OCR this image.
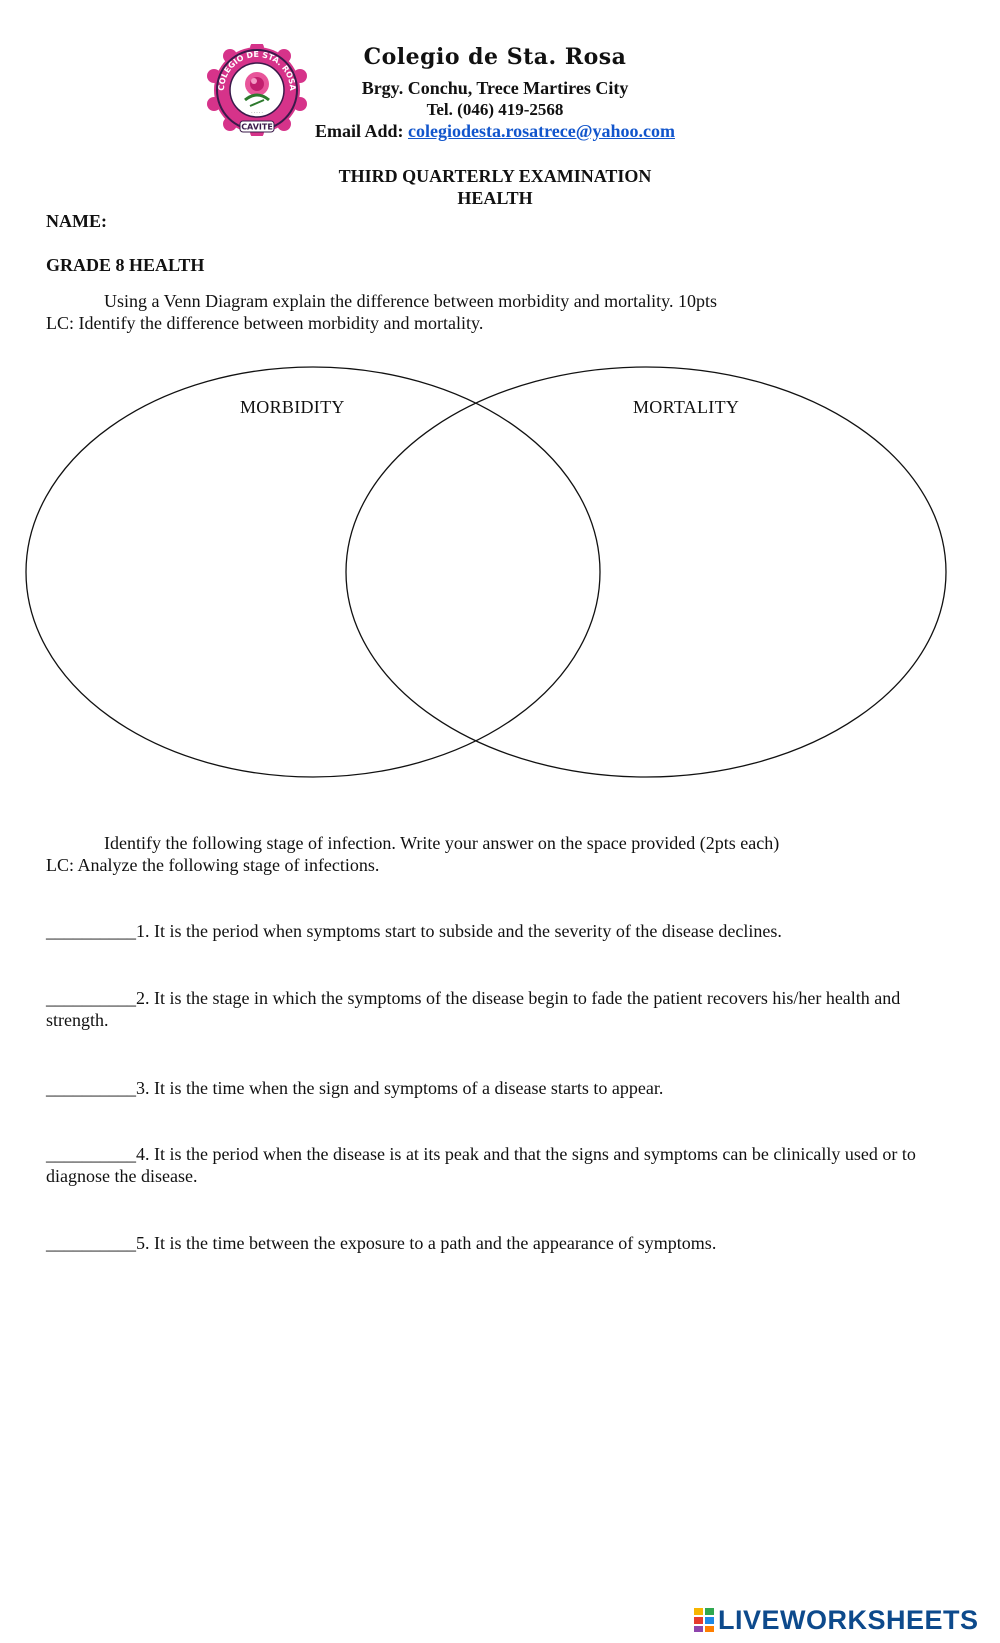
· · · · ·
COLEGIO DE STA. ROSA
CAVITE
Colegio de Sta. Rosa
Brgy. Conchu, Trece Martires City
Tel. (046) 419-2568
Email Add: colegiodesta.rosatrece@yahoo.com
THIRD QUARTERLY EXAMINATION
HEALTH
NAME:
GRADE 8 HEALTH
Using a Venn Diagram explain the difference between morbidity and mortality. 10pts
LC: Identify the difference between morbidity and mortality.
MORBIDITY	MORTALITY
Identify the following stage of infection. Write your answer on the space provided (2pts each)
LC: Analyze the following stage of infections.
__________1. It is the period when symptoms start to subside and the severity of the disease declines.
__________2. It is the stage in which the symptoms of the disease begin to fade the patient recovers his/her health and strength.
__________3. It is the time when the sign and symptoms of a disease starts to appear.
__________4. It is the period when the disease is at its peak and that the signs and symptoms can be clinically used or to diagnose the disease.
__________5. It is the time between the exposure to a path and the appearance of symptoms.
LIVEWORKSHEETS
